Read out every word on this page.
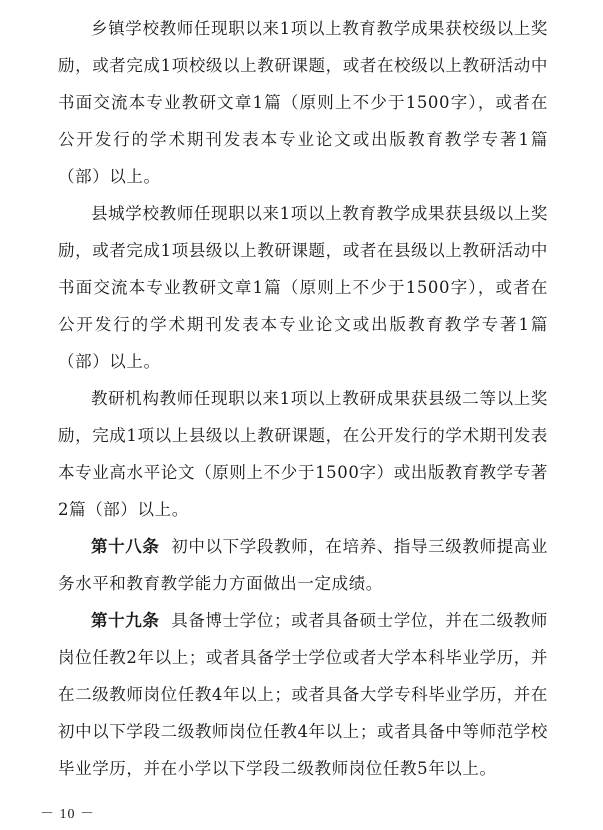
乡镇学校教师任现职以来1项以上教育教学成果获校级以上奖励，或者完成1项校级以上教研课题，或者在校级以上教研活动中书面交流本专业教研文章1篇（原则上不少于1500字），或者在公开发行的学术期刊发表本专业论文或出版教育教学专著1篇（部）以上。

县城学校教师任现职以来1项以上教育教学成果获县级以上奖励，或者完成1项县级以上教研课题，或者在县级以上教研活动中书面交流本专业教研文章1篇（原则上不少于1500字），或者在公开发行的学术期刊发表本专业论文或出版教育教学专著1篇（部）以上。

教研机构教师任现职以来1项以上教研成果获县级二等以上奖励，完成1项以上县级以上教研课题，在公开发行的学术期刊发表本专业高水平论文（原则上不少于1500字）或出版教育教学专著2篇（部）以上。

第十八条 初中以下学段教师，在培养、指导三级教师提高业务水平和教育教学能力方面做出一定成绩。

第十九条 具备博士学位；或者具备硕士学位，并在二级教师岗位任教2年以上；或者具备学士学位或者大学本科毕业学历，并在二级教师岗位任教4年以上；或者具备大学专科毕业学历，并在初中以下学段二级教师岗位任教4年以上；或者具备中等师范学校毕业学历，并在小学以下学段二级教师岗位任教5年以上。

－ 10 －
